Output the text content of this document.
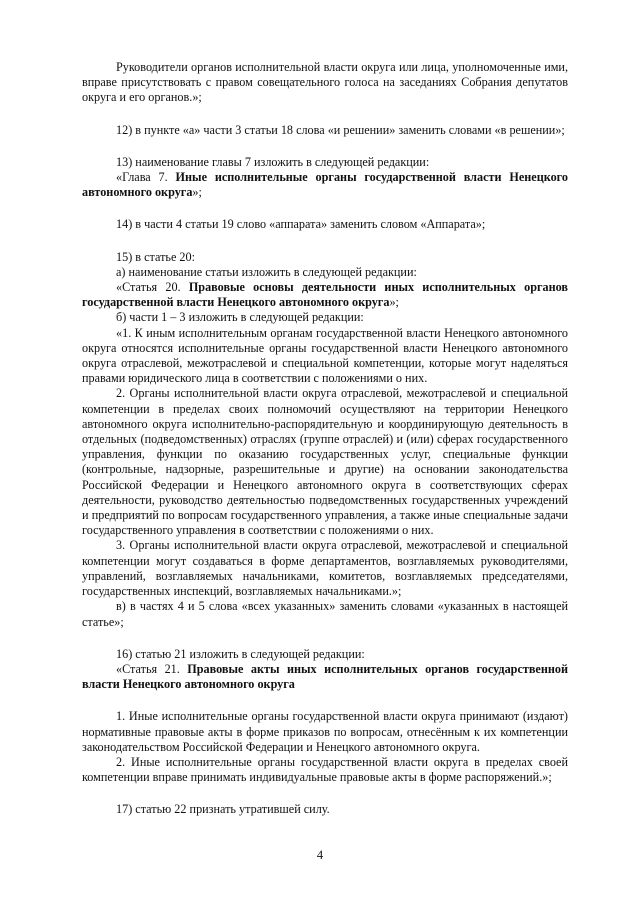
Руководители органов исполнительной власти округа или лица, уполномоченные ими, вправе присутствовать с правом совещательного голоса на заседаниях Собрания депутатов округа и его органов.»;

12) в пункте «а» части 3 статьи 18 слова «и решении» заменить словами «в решении»;

13) наименование главы 7 изложить в следующей редакции:

«Глава 7. Иные исполнительные органы государственной власти Ненецкого автономного округа»;

14) в части 4 статьи 19 слово «аппарата» заменить словом «Аппарата»;

15) в статье 20:

а) наименование статьи изложить в следующей редакции:

«Статья 20. Правовые основы деятельности иных исполнительных органов государственной власти Ненецкого автономного округа»;

б) части 1 – 3 изложить в следующей редакции:

«1. К иным исполнительным органам государственной власти Ненецкого автономного округа относятся исполнительные органы государственной власти Ненецкого автономного округа отраслевой, межотраслевой и специальной компетенции, которые могут наделяться правами юридического лица в соответствии с положениями о них.

2. Органы исполнительной власти округа отраслевой, межотраслевой и специальной компетенции в пределах своих полномочий осуществляют на территории Ненецкого автономного округа исполнительно-распорядительную и координирующую деятельность в отдельных (подведомственных) отраслях (группе отраслей) и (или) сферах государственного управления, функции по оказанию государственных услуг, специальные функции (контрольные, надзорные, разрешительные и другие) на основании законодательства Российской Федерации и Ненецкого автономного округа в соответствующих сферах деятельности, руководство деятельностью подведомственных государственных учреждений и предприятий по вопросам государственного управления, а также иные специальные задачи государственного управления в соответствии с положениями о них.

3. Органы исполнительной власти округа отраслевой, межотраслевой и специальной компетенции могут создаваться в форме департаментов, возглавляемых руководителями, управлений, возглавляемых начальниками, комитетов, возглавляемых председателями, государственных инспекций, возглавляемых начальниками.»;

в) в частях 4 и 5 слова «всех указанных» заменить словами «указанных в настоящей статье»;

16) статью 21 изложить в следующей редакции:

«Статья 21. Правовые акты иных исполнительных органов государственной власти Ненецкого автономного округа

1. Иные исполнительные органы государственной власти округа принимают (издают) нормативные правовые акты в форме приказов по вопросам, отнесённым к их компетенции законодательством Российской Федерации и Ненецкого автономного округа.

2. Иные исполнительные органы государственной власти округа в пределах своей компетенции вправе принимать индивидуальные правовые акты в форме распоряжений.»;

17) статью 22 признать утратившей силу.

4
